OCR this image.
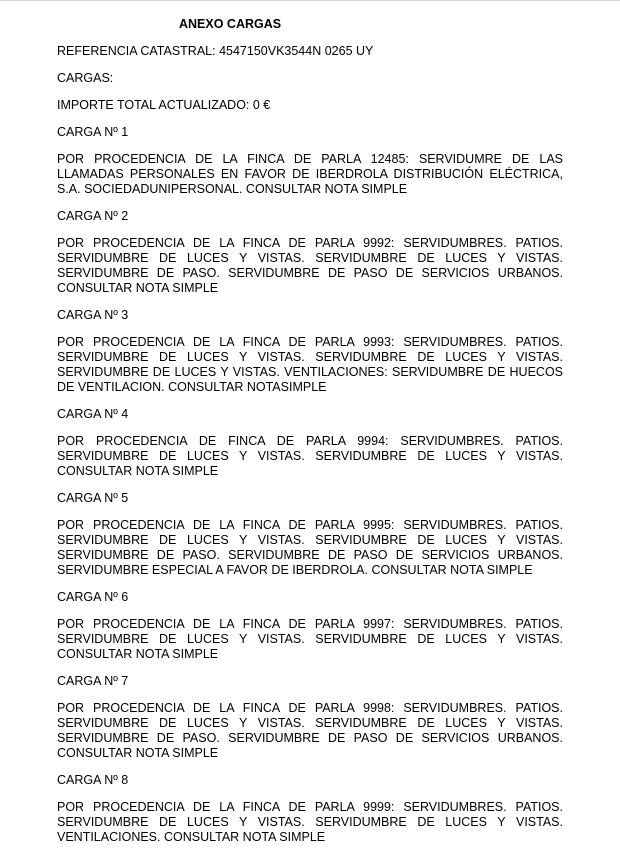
ANEXO CARGAS
REFERENCIA CATASTRAL: 4547150VK3544N 0265 UY
CARGAS:
IMPORTE TOTAL ACTUALIZADO: 0 €
CARGA Nº 1
POR PROCEDENCIA DE LA FINCA DE PARLA 12485: SERVIDUMRE DE LAS LLAMADAS PERSONALES EN FAVOR DE IBERDROLA DISTRIBUCIÓN ELÉCTRICA, S.A. SOCIEDADUNIPERSONAL. CONSULTAR NOTA SIMPLE
CARGA Nº 2
POR PROCEDENCIA DE LA FINCA DE PARLA 9992: SERVIDUMBRES. PATIOS. SERVIDUMBRE DE LUCES Y VISTAS. SERVIDUMBRE DE LUCES Y VISTAS. SERVIDUMBRE DE PASO. SERVIDUMBRE DE PASO DE SERVICIOS URBANOS. CONSULTAR NOTA SIMPLE
CARGA Nº 3
POR PROCEDENCIA DE LA FINCA DE PARLA 9993: SERVIDUMBRES. PATIOS. SERVIDUMBRE DE LUCES Y VISTAS. SERVIDUMBRE DE LUCES Y VISTAS. SERVIDUMBRE DE LUCES Y VISTAS. VENTILACIONES: SERVIDUMBRE DE HUECOS DE VENTILACION. CONSULTAR NOTASIMPLE
CARGA Nº 4
POR PROCEDENCIA DE FINCA DE PARLA 9994: SERVIDUMBRES. PATIOS. SERVIDUMBRE DE LUCES Y VISTAS. SERVIDUMBRE DE LUCES Y VISTAS. CONSULTAR NOTA SIMPLE
CARGA Nº 5
POR PROCEDENCIA DE LA FINCA DE PARLA 9995: SERVIDUMBRES. PATIOS. SERVIDUMBRE DE LUCES Y VISTAS. SERVIDUMBRE DE LUCES Y VISTAS. SERVIDUMBRE DE PASO. SERVIDUMBRE DE PASO DE SERVICIOS URBANOS. SERVIDUMBRE ESPECIAL A FAVOR DE IBERDROLA. CONSULTAR NOTA SIMPLE
CARGA Nº 6
POR PROCEDENCIA DE LA FINCA DE PARLA 9997: SERVIDUMBRES. PATIOS. SERVIDUMBRE DE LUCES Y VISTAS. SERVIDUMBRE DE LUCES Y VISTAS. CONSULTAR NOTA SIMPLE
CARGA Nº 7
POR PROCEDENCIA DE LA FINCA DE PARLA 9998: SERVIDUMBRES. PATIOS. SERVIDUMBRE DE LUCES Y VISTAS. SERVIDUMBRE DE LUCES Y VISTAS. SERVIDUMBRE DE PASO. SERVIDUMBRE DE PASO DE SERVICIOS URBANOS. CONSULTAR NOTA SIMPLE
CARGA Nº 8
POR PROCEDENCIA DE LA FINCA DE PARLA 9999: SERVIDUMBRES. PATIOS. SERVIDUMBRE DE LUCES Y VISTAS. SERVIDUMBRE DE LUCES Y VISTAS. VENTILACIONES. CONSULTAR NOTA SIMPLE
